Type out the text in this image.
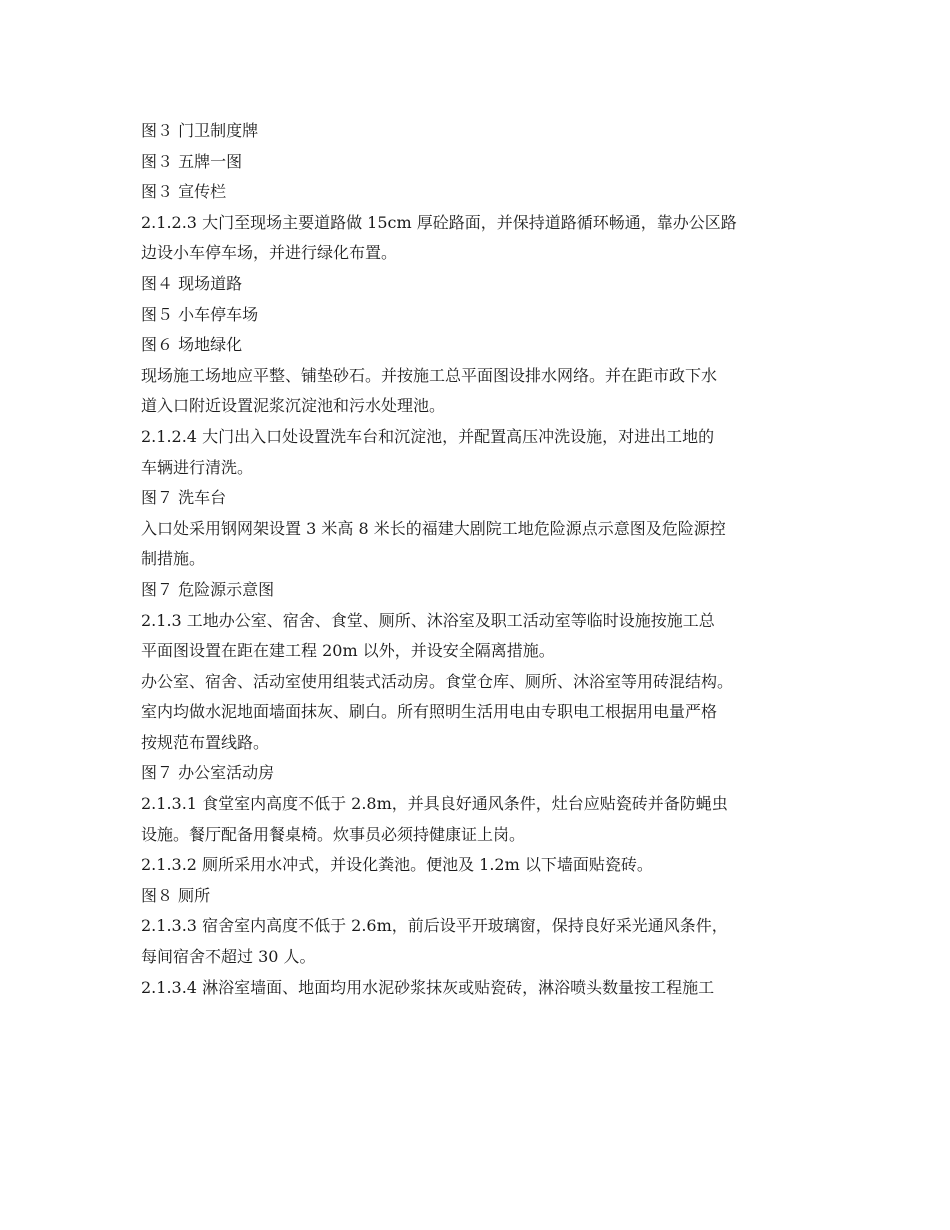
图３ 门卫制度牌
图３ 五牌一图
图３ 宣传栏
2.1.2.3 大门至现场主要道路做 15cm 厚砼路面，并保持道路循环畅通，靠办公区路
边设小车停车场，并进行绿化布置。
图４ 现场道路
图５ 小车停车场
图６ 场地绿化
现场施工场地应平整、铺垫砂石。并按施工总平面图设排水网络。并在距市政下水
道入口附近设置泥浆沉淀池和污水处理池。
2.1.2.4 大门出入口处设置洗车台和沉淀池，并配置高压冲洗设施，对进出工地的
车辆进行清洗。
图７ 洗车台
入口处采用钢网架设置 3 米高 8 米长的福建大剧院工地危险源点示意图及危险源控
制措施。
图７ 危险源示意图
2.1.3 工地办公室、宿舍、食堂、厕所、沐浴室及职工活动室等临时设施按施工总
平面图设置在距在建工程 20m 以外，并设安全隔离措施。
办公室、宿舍、活动室使用组装式活动房。食堂仓库、厕所、沐浴室等用砖混结构。
室内均做水泥地面墙面抹灰、刷白。所有照明生活用电由专职电工根据用电量严格
按规范布置线路。
图７ 办公室活动房
2.1.3.1 食堂室内高度不低于 2.8m，并具良好通风条件，灶台应贴瓷砖并备防蝇虫
设施。餐厅配备用餐桌椅。炊事员必须持健康证上岗。
2.1.3.2 厕所采用水冲式，并设化粪池。便池及 1.2m 以下墙面贴瓷砖。
图８ 厕所
2.1.3.3 宿舍室内高度不低于 2.6m，前后设平开玻璃窗，保持良好采光通风条件，
每间宿舍不超过 30 人。
2.1.3.4 淋浴室墙面、地面均用水泥砂浆抹灰或贴瓷砖，淋浴喷头数量按工程施工
